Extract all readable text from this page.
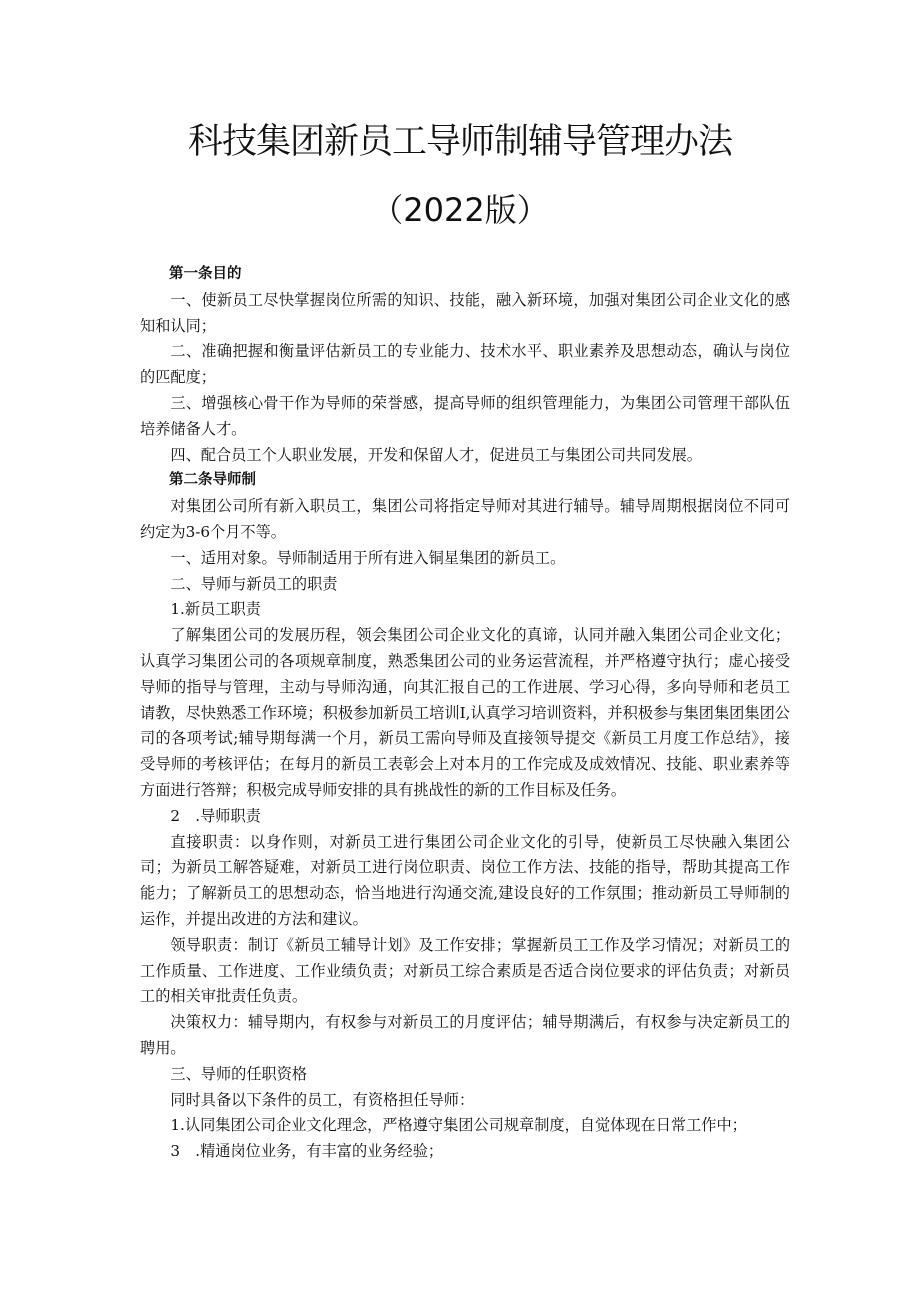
科技集团新员工导师制辅导管理办法
（2022版）

第一条目的

一、使新员工尽快掌握岗位所需的知识、技能，融入新环境，加强对集团公司企业文化的感知和认同；

二、准确把握和衡量评估新员工的专业能力、技术水平、职业素养及思想动态，确认与岗位的匹配度；

三、增强核心骨干作为导师的荣誉感，提高导师的组织管理能力，为集团公司管理干部队伍培养储备人才。

四、配合员工个人职业发展，开发和保留人才，促进员工与集团公司共同发展。

第二条导师制

对集团公司所有新入职员工，集团公司将指定导师对其进行辅导。辅导周期根据岗位不同可约定为3-6个月不等。

一、适用对象。导师制适用于所有进入铜星集团的新员工。

二、导师与新员工的职责

1.新员工职责

了解集团公司的发展历程，领会集团公司企业文化的真谛，认同并融入集团公司企业文化；认真学习集团公司的各项规章制度，熟悉集团公司的业务运营流程，并严格遵守执行；虚心接受导师的指导与管理，主动与导师沟通，向其汇报自己的工作进展、学习心得，多向导师和老员工请教，尽快熟悉工作环境；积极参加新员工培训I,认真学习培训资料，并积极参与集团集团集团公司的各项考试;辅导期每满一个月，新员工需向导师及直接领导提交《新员工月度工作总结》，接受导师的考核评估；在每月的新员工表彰会上对本月的工作完成及成效情况、技能、职业素养等方面进行答辩；积极完成导师安排的具有挑战性的新的工作目标及任务。

2　.导师职责

直接职责：以身作则，对新员工进行集团公司企业文化的引导，使新员工尽快融入集团公司；为新员工解答疑难，对新员工进行岗位职责、岗位工作方法、技能的指导，帮助其提高工作能力；了解新员工的思想动态，恰当地进行沟通交流,建设良好的工作氛围；推动新员工导师制的运作，并提出改进的方法和建议。

领导职责：制订《新员工辅导计划》及工作安排；掌握新员工工作及学习情况；对新员工的工作质量、工作进度、工作业绩负责；对新员工综合素质是否适合岗位要求的评估负责；对新员工的相关审批责任负责。

决策权力：辅导期内，有权参与对新员工的月度评估；辅导期满后，有权参与决定新员工的聘用。

三、导师的任职资格

同时具备以下条件的员工，有资格担任导师：

1.认同集团公司企业文化理念，严格遵守集团公司规章制度，自觉体现在日常工作中；

3　.精通岗位业务，有丰富的业务经验；
